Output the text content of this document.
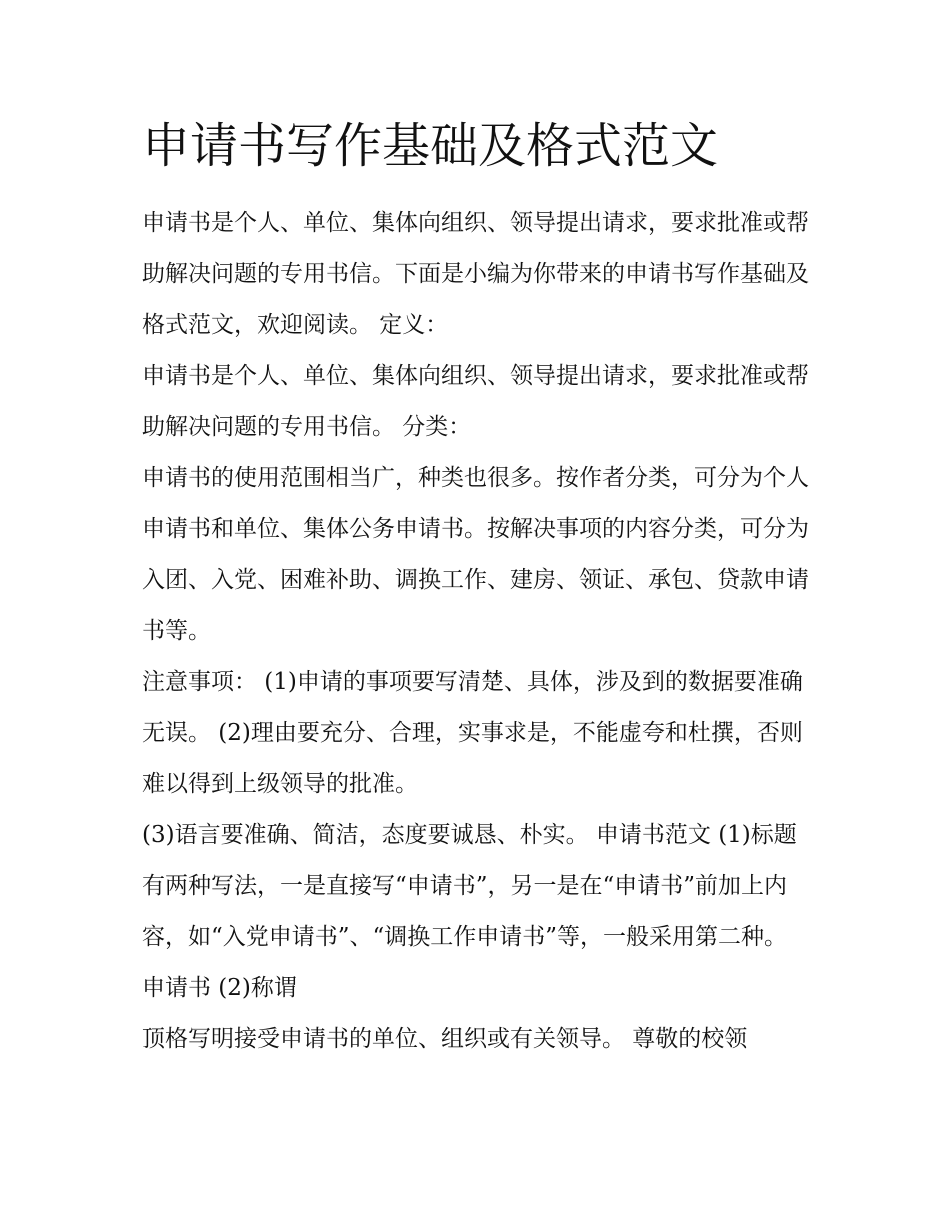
申请书写作基础及格式范文

申请书是个人、单位、集体向组织、领导提出请求，要求批准或帮助解决问题的专用书信。下面是小编为你带来的申请书写作基础及格式范文，欢迎阅读。 定义：

申请书是个人、单位、集体向组织、领导提出请求，要求批准或帮助解决问题的专用书信。 分类：

申请书的使用范围相当广，种类也很多。按作者分类，可分为个人申请书和单位、集体公务申请书。按解决事项的内容分类，可分为入团、入党、困难补助、调换工作、建房、领证、承包、贷款申请书等。

注意事项： (1)申请的事项要写清楚、具体，涉及到的数据要准确无误。 (2)理由要充分、合理，实事求是，不能虚夸和杜撰，否则难以得到上级领导的批准。

(3)语言要准确、简洁，态度要诚恳、朴实。 申请书范文 (1)标题

有两种写法，一是直接写“申请书”，另一是在“申请书”前加上内容，如“入党申请书”、“调换工作申请书”等，一般采用第二种。 申请书 (2)称谓

顶格写明接受申请书的单位、组织或有关领导。 尊敬的校领
